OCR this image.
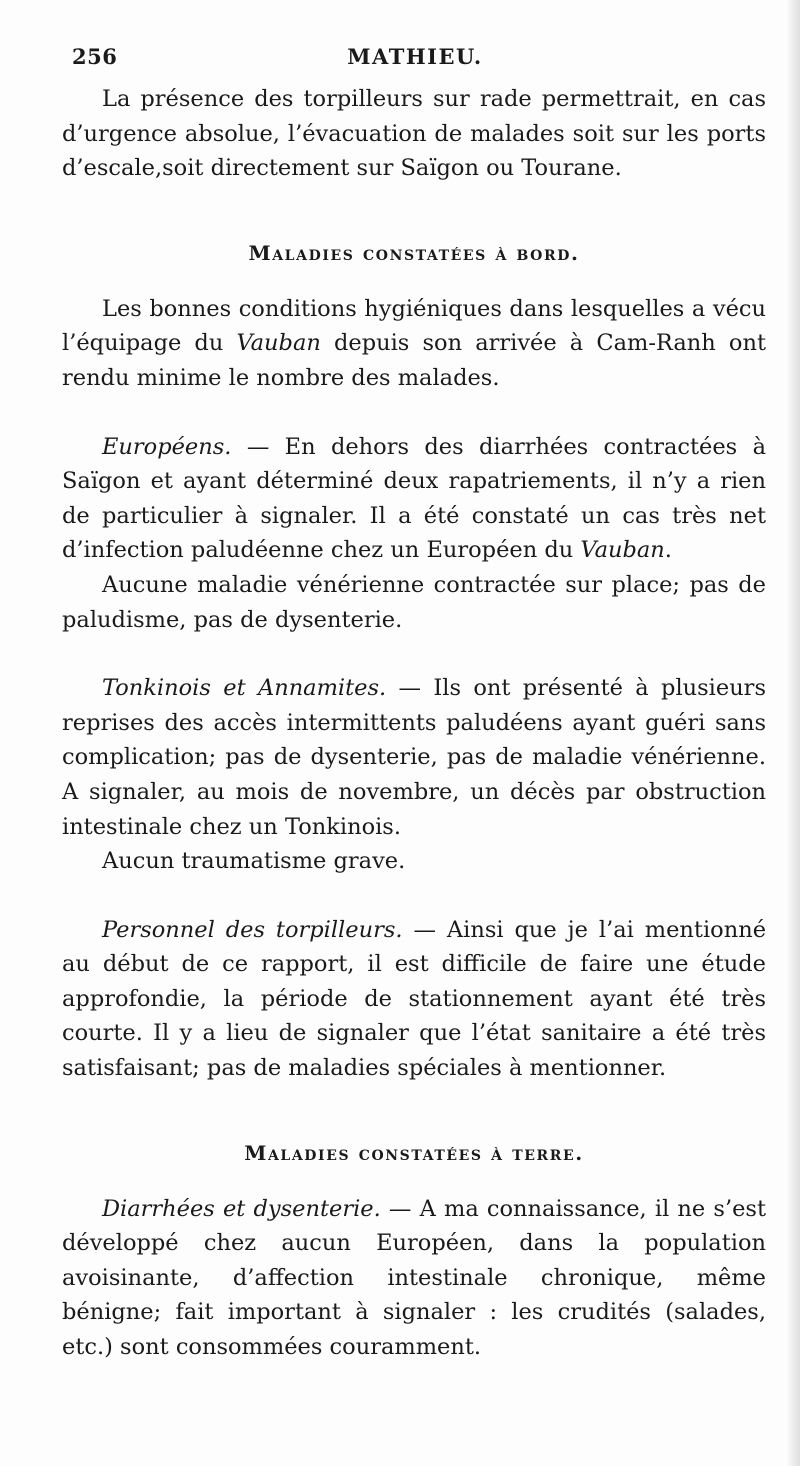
256	MATHIEU.

La présence des torpilleurs sur rade permettrait, en cas d’urgence absolue, l’évacuation de malades soit sur les ports d’escale,soit directement sur Saïgon ou Tourane.

Maladies constatées à bord.

Les bonnes conditions hygiéniques dans lesquelles a vécu l’équipage du Vauban depuis son arrivée à Cam-Ranh ont rendu minime le nombre des malades.

Européens. — En dehors des diarrhées contractées à Saïgon et ayant déterminé deux rapatriements, il n’y a rien de particulier à signaler. Il a été constaté un cas très net d’infection paludéenne chez un Européen du Vauban.

Aucune maladie vénérienne contractée sur place; pas de paludisme, pas de dysenterie.

Tonkinois et Annamites. — Ils ont présenté à plusieurs reprises des accès intermittents paludéens ayant guéri sans complication; pas de dysenterie, pas de maladie vénérienne. A signaler, au mois de novembre, un décès par obstruction intestinale chez un Tonkinois.

Aucun traumatisme grave.

Personnel des torpilleurs. — Ainsi que je l’ai mentionné au début de ce rapport, il est difficile de faire une étude approfondie, la période de stationnement ayant été très courte. Il y a lieu de signaler que l’état sanitaire a été très satisfaisant; pas de maladies spéciales à mentionner.

Maladies constatées à terre.

Diarrhées et dysenterie. — A ma connaissance, il ne s’est développé chez aucun Européen, dans la population avoisinante, d’affection intestinale chronique, même bénigne; fait important à signaler : les crudités (salades, etc.) sont consommées couramment.
